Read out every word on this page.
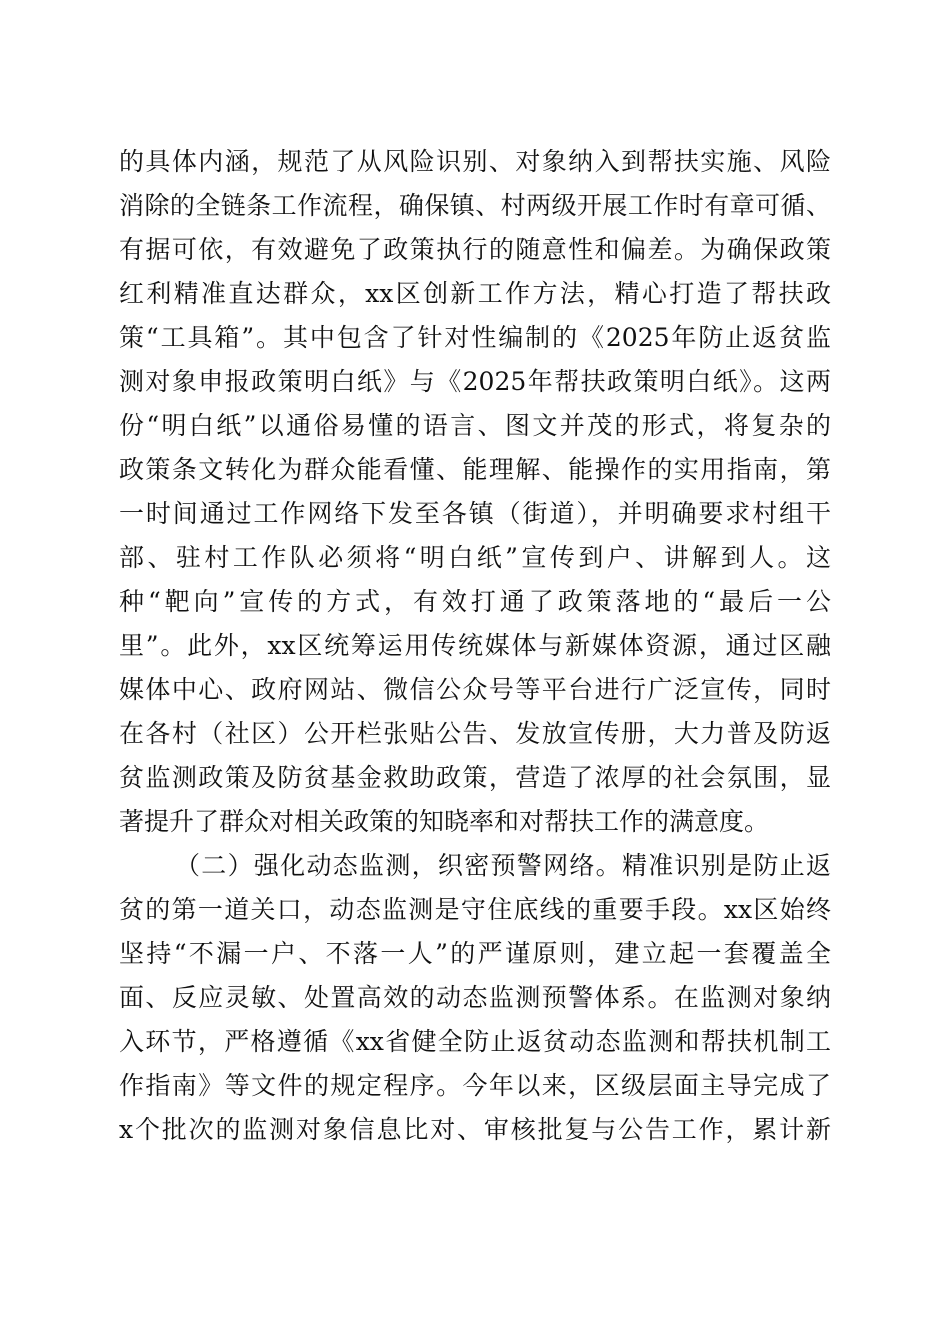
的具体内涵，规范了从风险识别、对象纳入到帮扶实施、风险
消除的全链条工作流程，确保镇、村两级开展工作时有章可循、
有据可依，有效避免了政策执行的随意性和偏差。为确保政策
红利精准直达群众，xx区创新工作方法，精心打造了帮扶政
策“工具箱”。其中包含了针对性编制的《2025年防止返贫监
测对象申报政策明白纸》与《2025年帮扶政策明白纸》。这两
份“明白纸”以通俗易懂的语言、图文并茂的形式，将复杂的
政策条文转化为群众能看懂、能理解、能操作的实用指南，第
一时间通过工作网络下发至各镇（街道），并明确要求村组干
部、驻村工作队必须将“明白纸”宣传到户、讲解到人。这
种“靶向”宣传的方式，有效打通了政策落地的“最后一公
里”。此外，xx区统筹运用传统媒体与新媒体资源，通过区融
媒体中心、政府网站、微信公众号等平台进行广泛宣传，同时
在各村（社区）公开栏张贴公告、发放宣传册，大力普及防返
贫监测政策及防贫基金救助政策，营造了浓厚的社会氛围，显
著提升了群众对相关政策的知晓率和对帮扶工作的满意度。
（二）强化动态监测，织密预警网络。精准识别是防止返
贫的第一道关口，动态监测是守住底线的重要手段。xx区始终
坚持“不漏一户、不落一人”的严谨原则，建立起一套覆盖全
面、反应灵敏、处置高效的动态监测预警体系。在监测对象纳
入环节，严格遵循《xx省健全防止返贫动态监测和帮扶机制工
作指南》等文件的规定程序。今年以来，区级层面主导完成了
x个批次的监测对象信息比对、审核批复与公告工作，累计新
